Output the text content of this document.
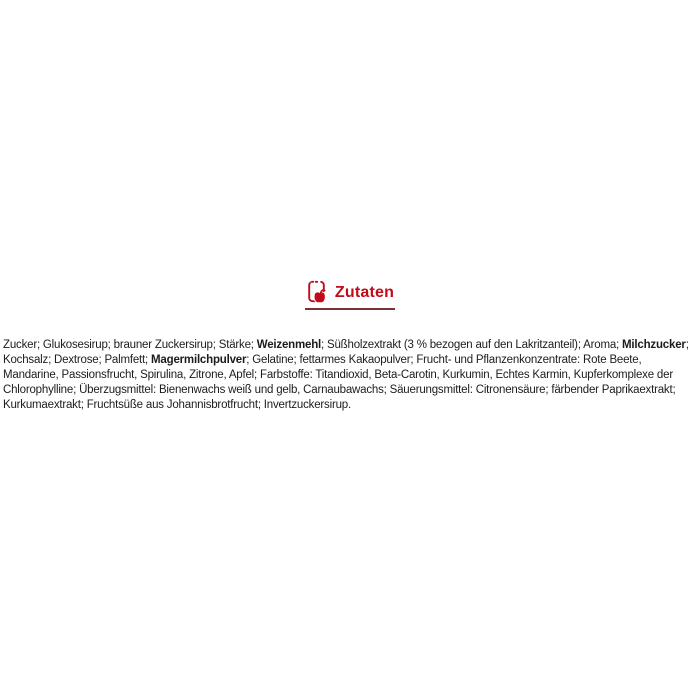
Zutaten

Zucker; Glukosesirup; brauner Zuckersirup; Stärke; Weizenmehl; Süßholzextrakt (3 % bezogen auf den Lakritzanteil); Aroma; Milchzucker; Kochsalz; Dextrose; Palmfett; Magermilchpulver; Gelatine; fettarmes Kakaopulver; Frucht- und Pflanzenkonzentrate: Rote Beete, Mandarine, Passionsfrucht, Spirulina, Zitrone, Apfel; Farbstoffe: Titandioxid, Beta-Carotin, Kurkumin, Echtes Karmin, Kupferkomplexe der Chlorophylline; Überzugsmittel: Bienenwachs weiß und gelb, Carnaubawachs; Säuerungsmittel: Citronensäure; färbender Paprikaextrakt; Kurkumaextrakt; Fruchtsüße aus Johannisbrotfrucht; Invertzuckersirup.
